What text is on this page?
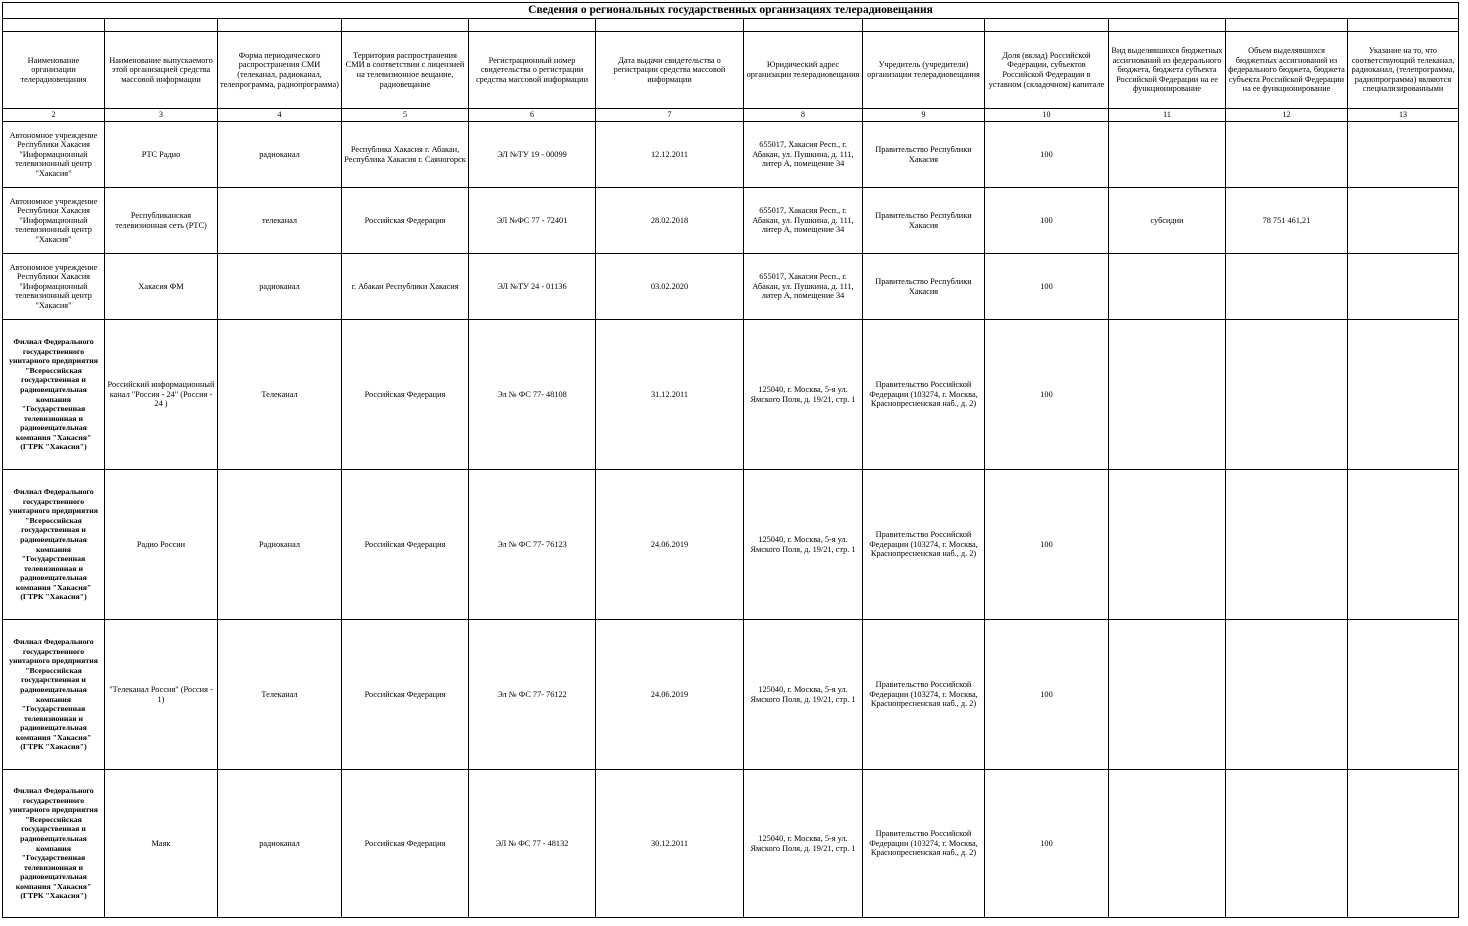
Сведения о региональных государственных организациях телерадиовещания											

Наименование организации телерадиовещания	Наименование выпускаемого этой организацией средства массовой информации	Форма периодического распространения СМИ (телеканал, радиоканал, телепрограмма, радиопрограмма)	Территория распространения СМИ в соответствии с лицензией на телевизионное вещание, радиовещание	Регистрационный номер свидетельства о регистрации средства массовой информации	Дата выдачи свидетельства о регистрации средства массовой информации	Юридический адрес организации телерадиовещания	Учредитель (учредители) организации телерадиовещания	Доля (вклад) Российской Федерации, субъектов Российской Федерации в уставном (складочном) капитале	Вид выделявшихся бюджетных ассигнований из федерального бюджета, бюджета субъекта Российской Федерации на ее функционирование	Объем выделявшихся бюджетных ассигнований из федерального бюджета, бюджета субъекта Российской Федерации на ее функционирование	Указание на то, что соответствующий телеканал, радиоканал, (телепрограмма, радиопрограмма) являются специализированными
2	3	4	5	6	7	8	9	10	11	12	13
Автономное учреждение Республики Хакасия "Информационный телевизионный центр "Хакасия"	РТС Радио	радиоканал	Республика Хакасия г. Абакан, Республика Хакасия г. Саяногорск	ЭЛ №ТУ 19 - 00099	12.12.2011	655017, Хакасия Респ., г. Абакан, ул. Пушкина, д. 111, литер А, помещение 34	Правительство Республики Хакасия	100			
Автономное учреждение Республики Хакасия "Информационный телевизионный центр "Хакасия"	Республиканская телевизионная сеть (РТС)	телеканал	Российская Федерация	ЭЛ №ФС 77 - 72401	28.02.2018	655017, Хакасия Респ., г. Абакан, ул. Пушкина, д. 111, литер А, помещение 34	Правительство Республики Хакасия	100	субсидии	78 751 461,21	
Автономное учреждение Республики Хакасия "Информационный телевизионный центр "Хакасия"	Хакасия ФМ	радиоканал	г. Абакан Республики Хакасия	ЭЛ №ТУ 24 - 01136	03.02.2020	655017, Хакасия Респ., г. Абакан, ул. Пушкина, д. 111, литер А, помещение 34	Правительство Республики Хакасия	100			
Филиал Федерального государственного унитарного предприятия "Всероссийская государственная и радиовещательная компания "Государственная телевизионная и радиовещательная компания "Хакасия" (ГТРК "Хакасия")	Российский информационный канал "Россия - 24" (Россия - 24 )	Телеканал	Российская Федерация	Эл № ФС 77- 48108	31.12.2011	125040, г. Москва, 5-я ул. Ямского Поля, д. 19/21, стр. 1	Правительство Российской Федерации (103274, г. Москва, Краснопресненская наб., д. 2)	100			
Филиал Федерального государственного унитарного предприятия "Всероссийская государственная и радиовещательная компания "Государственная телевизионная и радиовещательная компания "Хакасия" (ГТРК "Хакасия")	Радио России	Радиоканал	Российская Федерация	Эл № ФС 77- 76123	24.06.2019	125040, г. Москва, 5-я ул. Ямского Поля, д. 19/21, стр. 1	Правительство Российской Федерации (103274, г. Москва, Краснопресненская наб., д. 2)	100			
Филиал Федерального государственного унитарного предприятия "Всероссийская государственная и радиовещательная компания "Государственная телевизионная и радиовещательная компания "Хакасия" (ГТРК "Хакасия")	"Телеканал Россия" (Россия - 1)	Телеканал	Российская Федерация	Эл № ФС 77- 76122	24.06.2019	125040, г. Москва, 5-я ул. Ямского Поля, д. 19/21, стр. 1	Правительство Российской Федерации (103274, г. Москва, Краснопресненская наб., д. 2)	100			
Филиал Федерального государственного унитарного предприятия "Всероссийская государственная и радиовещательная компания "Государственная телевизионная и радиовещательная компания "Хакасия" (ГТРК "Хакасия")	Маяк	радиоканал	Российская Федерация	ЭЛ № ФС 77 - 48132	30.12.2011	125040, г. Москва, 5-я ул. Ямского Поля, д. 19/21, стр. 1	Правительство Российской Федерации (103274, г. Москва, Краснопресненская наб., д. 2)	100			
